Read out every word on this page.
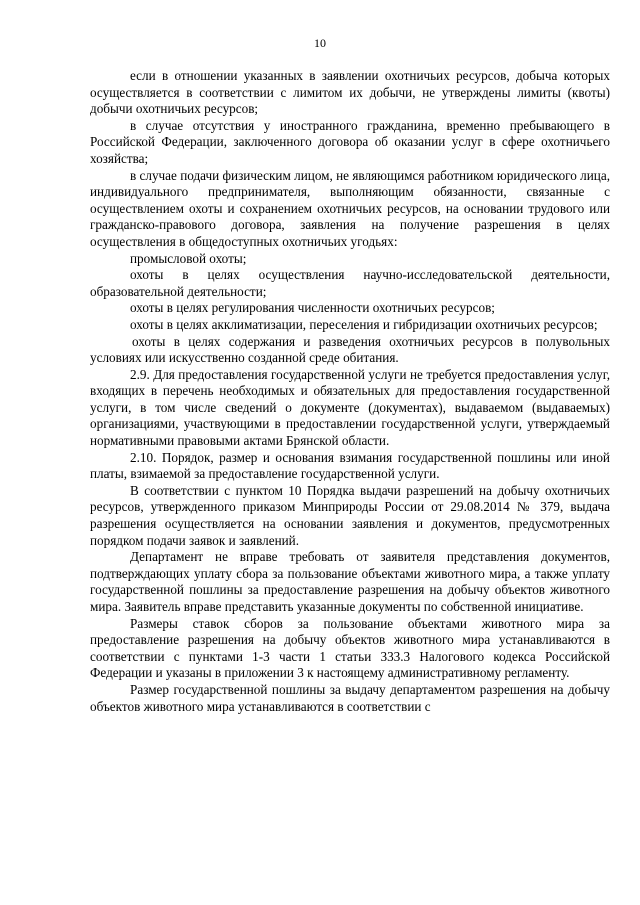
10

если в отношении указанных в заявлении охотничьих ресурсов, добыча которых осуществляется в соответствии с лимитом их добычи, не утверждены лимиты (квоты) добычи охотничьих ресурсов;

в случае отсутствия у иностранного гражданина, временно пребывающего в Российской Федерации, заключенного договора об оказании услуг в сфере охотничьего хозяйства;

в случае подачи физическим лицом, не являющимся работником юридического лица, индивидуального предпринимателя, выполняющим обязанности, связанные с осуществлением охоты и сохранением охотничьих ресурсов, на основании трудового или гражданско-правового договора, заявления на получение разрешения в целях осуществления в общедоступных охотничьих угодьях:

промысловой охоты;

охоты в целях осуществления научно-исследовательской деятельности, образовательной деятельности;

охоты в целях регулирования численности охотничьих ресурсов;

охоты в целях акклиматизации, переселения и гибридизации охотничьих ресурсов;

охоты в целях содержания и разведения охотничьих ресурсов в полувольных условиях или искусственно созданной среде обитания.

2.9. Для предоставления государственной услуги не требуется предоставления услуг, входящих в перечень необходимых и обязательных для предоставления государственной услуги, в том числе сведений о документе (документах), выдаваемом (выдаваемых) организациями, участвующими в предоставлении государственной услуги, утверждаемый нормативными правовыми актами Брянской области.

2.10. Порядок, размер и основания взимания государственной пошлины или иной платы, взимаемой за предоставление государственной услуги.

В соответствии с пунктом 10 Порядка выдачи разрешений на добычу охотничьих ресурсов, утвержденного приказом Минприроды России от 29.08.2014 № 379, выдача разрешения осуществляется на основании заявления и документов, предусмотренных порядком подачи заявок и заявлений.

Департамент не вправе требовать от заявителя представления документов, подтверждающих уплату сбора за пользование объектами животного мира, а также уплату государственной пошлины за предоставление разрешения на добычу объектов животного мира. Заявитель вправе представить указанные документы по собственной инициативе.

Размеры ставок сборов за пользование объектами животного мира за предоставление разрешения на добычу объектов животного мира устанавливаются в соответствии с пунктами 1-3 части 1 статьи 333.3 Налогового кодекса Российской Федерации и указаны в приложении 3 к настоящему административному регламенту.

Размер государственной пошлины за выдачу департаментом разрешения на добычу объектов животного мира устанавливаются в соответствии с
